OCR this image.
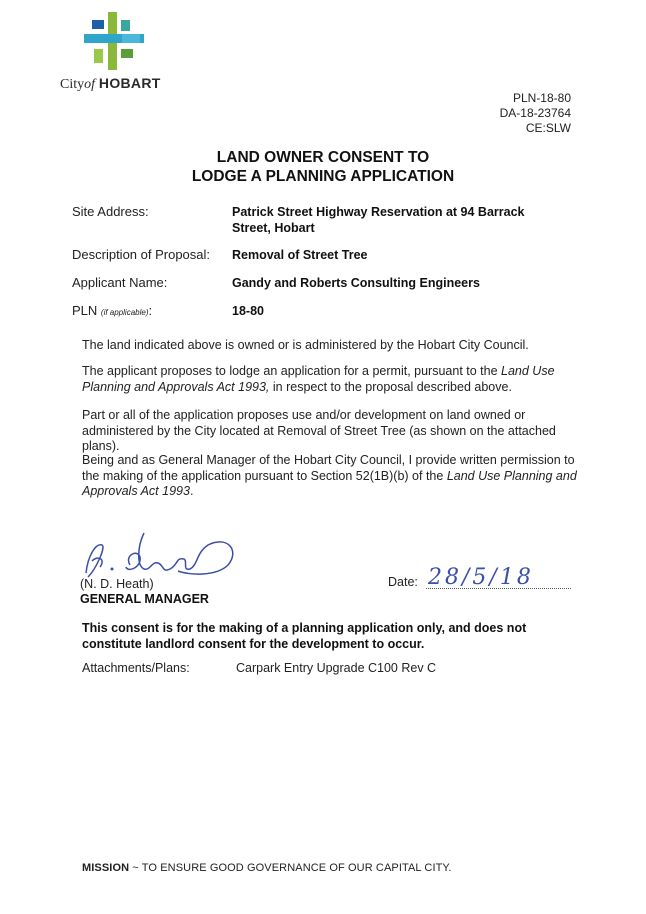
Cityof HOBART
PLN-18-80
DA-18-23764
CE:SLW
LAND OWNER CONSENT TO
LODGE A PLANNING APPLICATION
Site Address:	Patrick Street Highway Reservation at 94 Barrack
Street, Hobart
Description of Proposal: Removal of Street Tree
Applicant Name:	Gandy and Roberts Consulting Engineers
PLN (if applicable):	18-80
The land indicated above is owned or is administered by the Hobart City Council.
The applicant proposes to lodge an application for a permit, pursuant to the Land Use Planning and Approvals Act 1993, in respect to the proposal described above.
Part or all of the application proposes use and/or development on land owned or administered by the City located at Removal of Street Tree (as shown on the attached plans).
Being and as General Manager of the Hobart City Council, I provide written permission to the making of the application pursuant to Section 52(1B)(b) of the Land Use Planning and Approvals Act 1993.
(N. D. Heath)
GENERAL MANAGER
Date: 28/5/18
This consent is for the making of a planning application only, and does not constitute landlord consent for the development to occur.
Attachments/Plans:	Carpark Entry Upgrade C100 Rev C
MISSION ~ TO ENSURE GOOD GOVERNANCE OF OUR CAPITAL CITY.
